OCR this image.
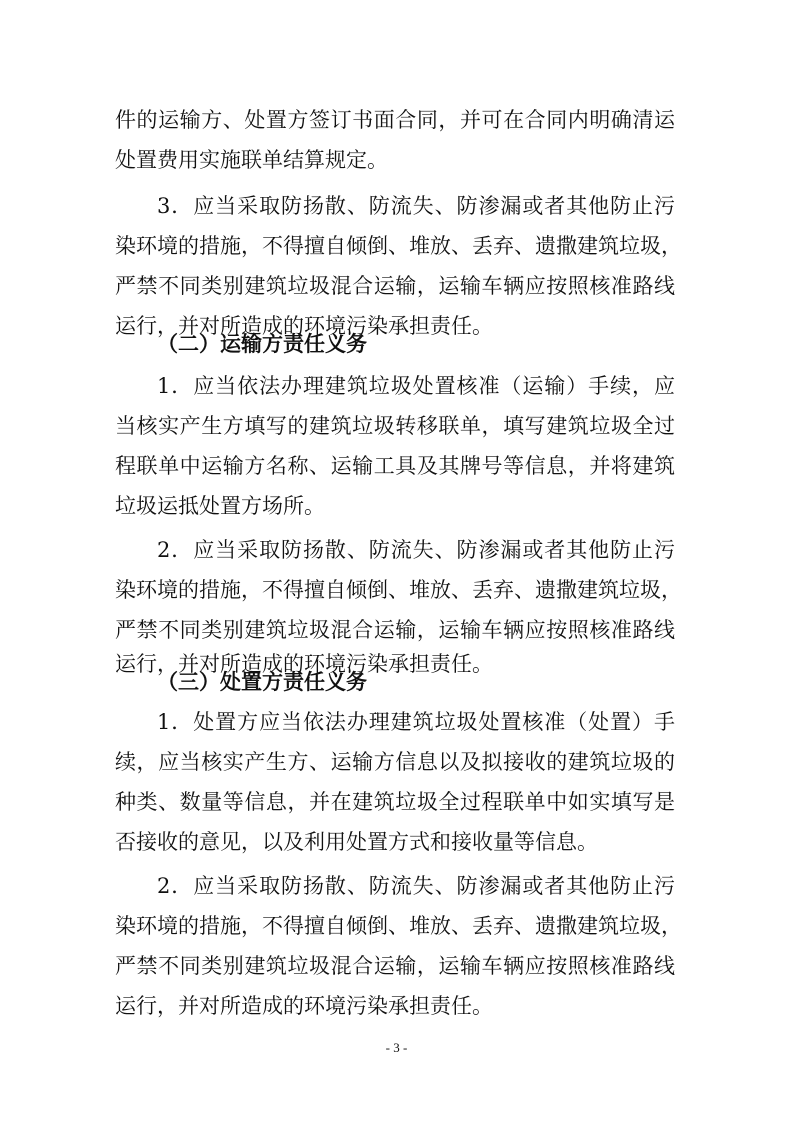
件的运输方、处置方签订书面合同，并可在合同内明确清运
处置费用实施联单结算规定。
3．应当采取防扬散、防流失、防渗漏或者其他防止污
染环境的措施，不得擅自倾倒、堆放、丢弃、遗撒建筑垃圾，
严禁不同类别建筑垃圾混合运输，运输车辆应按照核准路线
运行，并对所造成的环境污染承担责任。
（二）运输方责任义务
1．应当依法办理建筑垃圾处置核准（运输）手续，应
当核实产生方填写的建筑垃圾转移联单，填写建筑垃圾全过
程联单中运输方名称、运输工具及其牌号等信息，并将建筑
垃圾运抵处置方场所。
2．应当采取防扬散、防流失、防渗漏或者其他防止污
染环境的措施，不得擅自倾倒、堆放、丢弃、遗撒建筑垃圾，
严禁不同类别建筑垃圾混合运输，运输车辆应按照核准路线
运行，并对所造成的环境污染承担责任。
（三）处置方责任义务
1．处置方应当依法办理建筑垃圾处置核准（处置）手
续，应当核实产生方、运输方信息以及拟接收的建筑垃圾的
种类、数量等信息，并在建筑垃圾全过程联单中如实填写是
否接收的意见，以及利用处置方式和接收量等信息。
2．应当采取防扬散、防流失、防渗漏或者其他防止污
染环境的措施，不得擅自倾倒、堆放、丢弃、遗撒建筑垃圾，
严禁不同类别建筑垃圾混合运输，运输车辆应按照核准路线
运行，并对所造成的环境污染承担责任。
- 3 -
